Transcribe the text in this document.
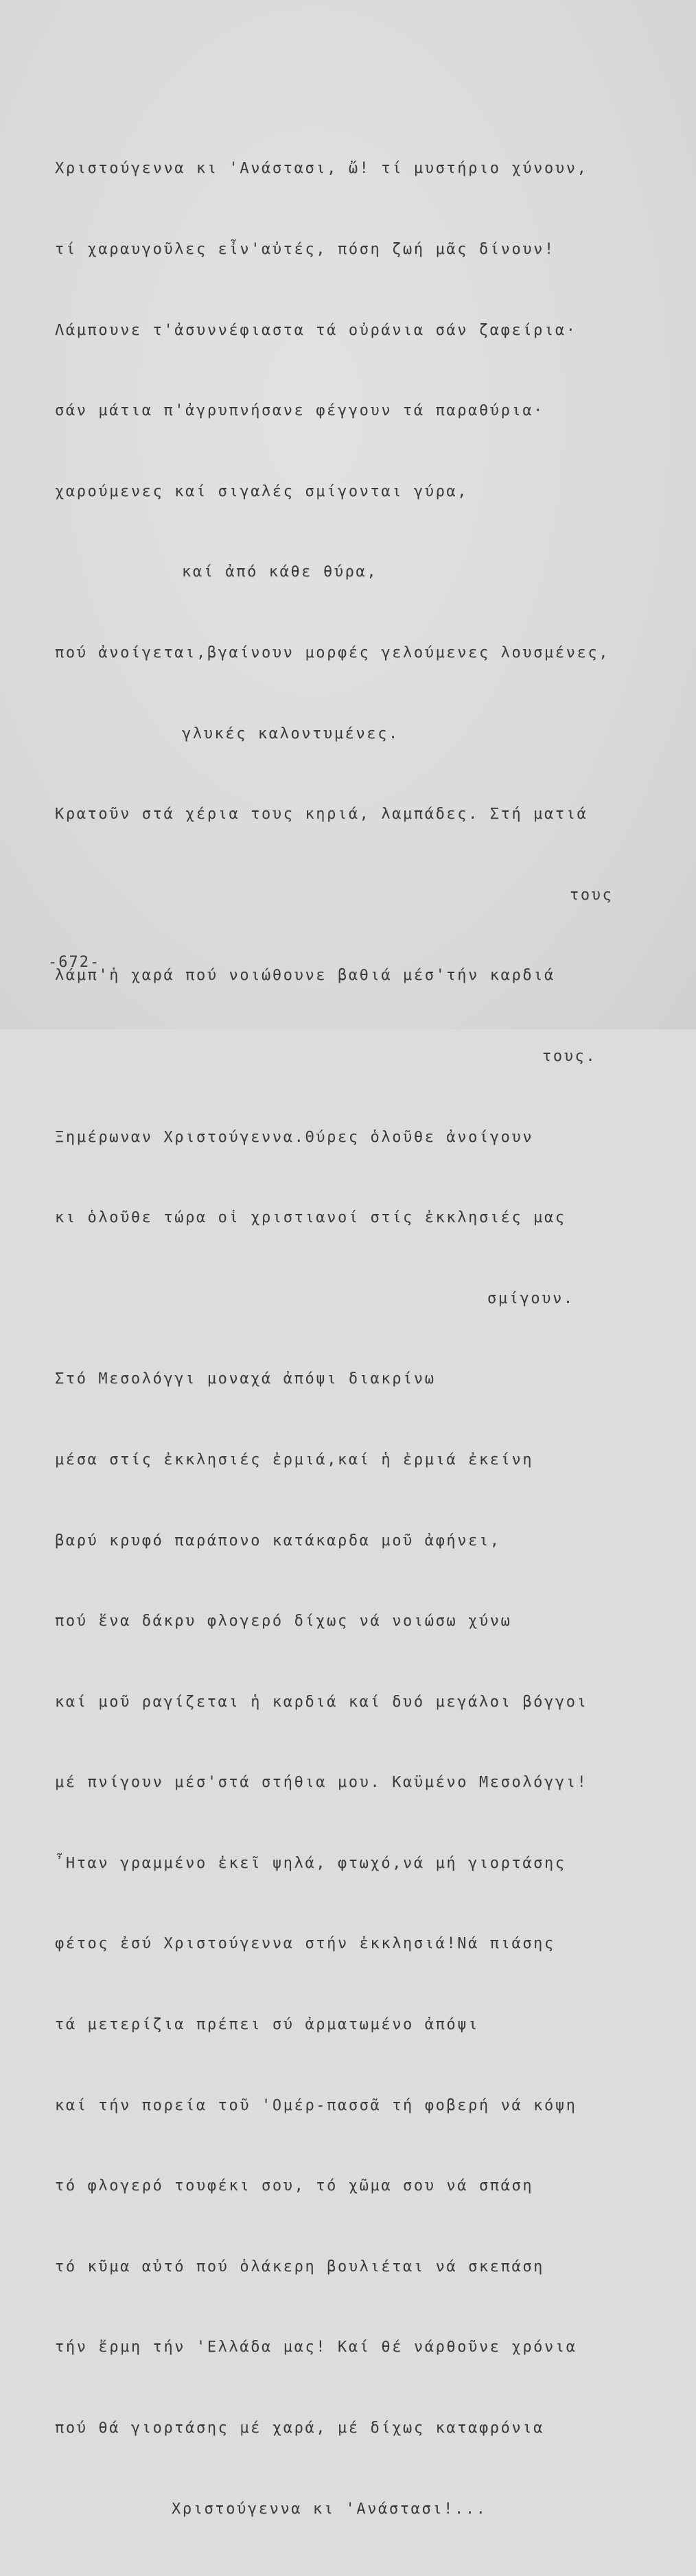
Χριστούγεννα κι 'Ανάστασι, ὤ! τί μυστήριο χύνουν,

τί χαραυγοῦλες εἶν'αὐτές, πόση ζωή μᾶς δίνουν!

Λάμπουνε τ'ἀσυννέφιαστα τά οὐράνια σάν ζαφείρια·

σάν μάτια π'ἀγρυπνήσανε φέγγουν τά παραθύρια·

χαρούμενες καί σιγαλές σμίγονται γύρα,

καί ἀπό κάθε θύρα,

πού ἀνοίγεται,βγαίνουν μορφές γελούμενες λουσμένες,

γλυκές καλοντυμένες.

Κρατοῦν στά χέρια τους κηριά, λαμπάδες. Στή ματιά

τους

λάμπ'ἡ χαρά πού νοιώθουνε βαθιά μέσ'τήν καρδιά

τους.

Ξημέρωναν Χριστούγεννα.Θύρες ὁλοῦθε ἀνοίγουν

κι ὁλοῦθε τώρα οἱ χριστιανοί στίς ἐκκλησιές μας

σμίγουν.

Στό Μεσολόγγι μοναχά ἀπόψι διακρίνω

μέσα στίς ἐκκλησιές ἐρμιά,καί ἡ ἐρμιά ἐκείνη

βαρύ κρυφό παράπονο κατάκαρδα μοῦ ἀφήνει,

πού ἕνα δάκρυ φλογερό δίχως νά νοιώσω χύνω

καί μοῦ ραγίζεται ἡ καρδιά καί δυό μεγάλοι βόγγοι

μέ πνίγουν μέσ'στά στήθια μου. Καϋμένο Μεσολόγγι!

῏Ηταν γραμμένο ἐκεῖ ψηλά, φτωχό,νά μή γιορτάσης

φέτος ἐσύ Χριστούγεννα στήν ἐκκλησιά!Νά πιάσης

τά μετερίζια πρέπει σύ ἀρματωμένο ἀπόψι

καί τήν πορεία τοῦ 'Ομέρ-πασσᾶ τή φοβερή νά κόψη

τό φλογερό τουφέκι σου, τό χῶμα σου νά σπάση

τό κῦμα αὐτό πού ὁλάκερη βουλιέται νά σκεπάση

τήν ἔρμη τήν 'Ελλάδα μας! Καί θέ νάρθοῦνε χρόνια

πού θά γιορτάσης μέ χαρά, μέ δίχως καταφρόνια

Χριστούγεννα κι 'Ανάστασι!...

-672-
